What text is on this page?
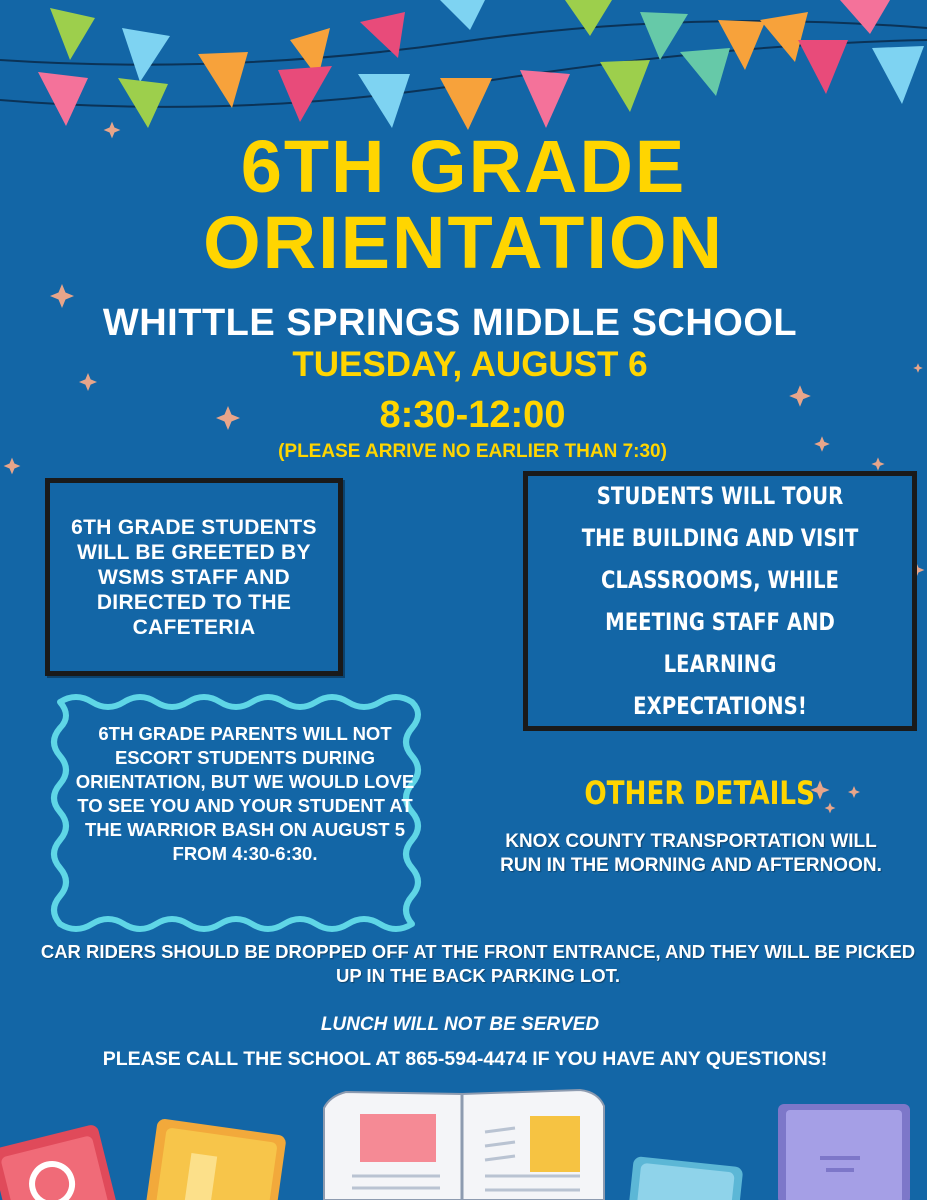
6TH GRADE
ORIENTATION
WHITTLE SPRINGS MIDDLE SCHOOL
TUESDAY, AUGUST 6
8:30-12:00
(PLEASE ARRIVE NO EARLIER THAN 7:30)
6TH GRADE STUDENTS WILL BE GREETED BY WSMS STAFF AND DIRECTED TO THE CAFETERIA
STUDENTS WILL TOUR THE BUILDING AND VISIT CLASSROOMS, WHILE MEETING STAFF AND LEARNING EXPECTATIONS!
6TH GRADE PARENTS WILL NOT ESCORT STUDENTS DURING ORIENTATION, BUT WE WOULD LOVE TO SEE YOU AND YOUR STUDENT AT THE WARRIOR BASH ON AUGUST 5 FROM 4:30-6:30.
OTHER DETAILS
KNOX COUNTY TRANSPORTATION WILL RUN IN THE MORNING AND AFTERNOON.
CAR RIDERS SHOULD BE DROPPED OFF AT THE FRONT ENTRANCE, AND THEY WILL BE PICKED UP IN THE BACK PARKING LOT.
LUNCH WILL NOT BE SERVED
PLEASE CALL THE SCHOOL AT 865-594-4474 IF YOU HAVE ANY QUESTIONS!
